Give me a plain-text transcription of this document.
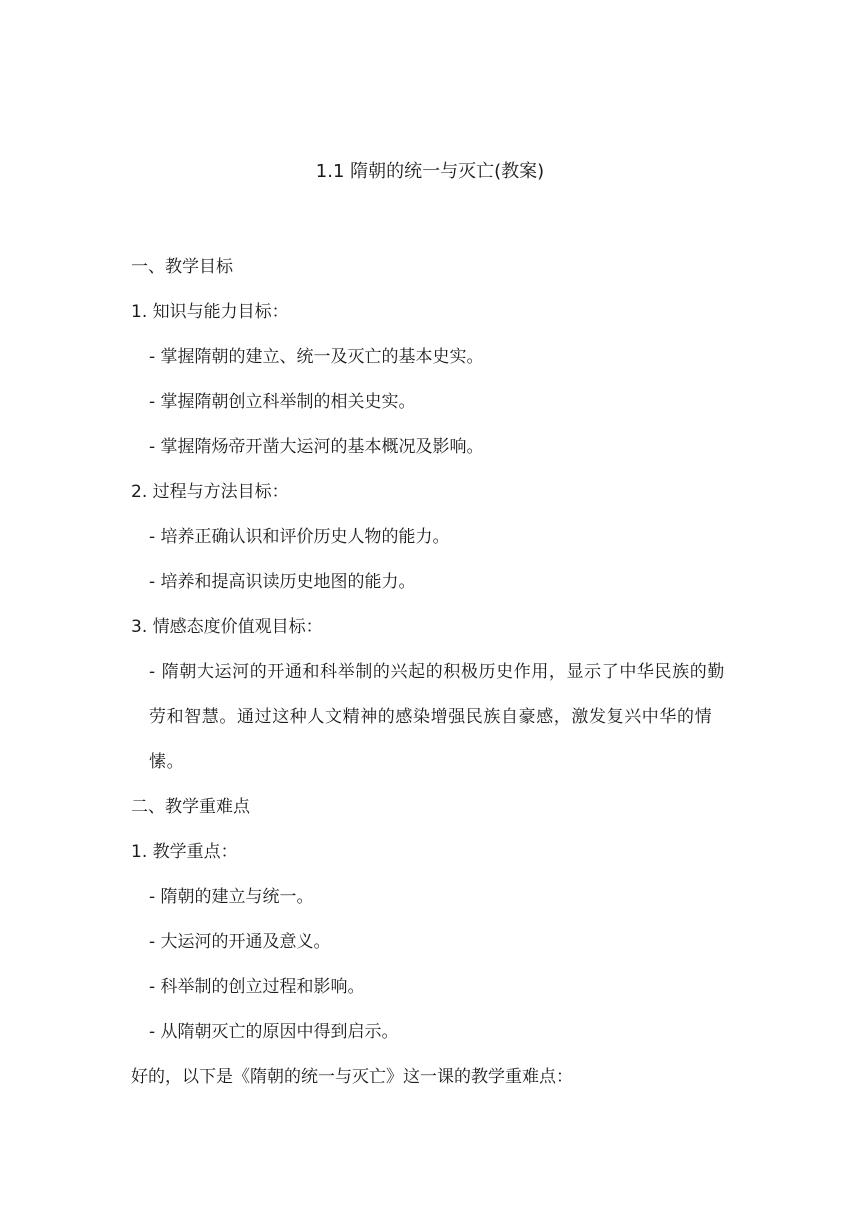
1.1 隋朝的统一与灭亡(教案)
一、教学目标
1. 知识与能力目标：
- 掌握隋朝的建立、统一及灭亡的基本史实。
- 掌握隋朝创立科举制的相关史实。
- 掌握隋炀帝开凿大运河的基本概况及影响。
2. 过程与方法目标：
- 培养正确认识和评价历史人物的能力。
- 培养和提高识读历史地图的能力。
3. 情感态度价值观目标：
- 隋朝大运河的开通和科举制的兴起的积极历史作用，显示了中华民族的勤劳和智慧。通过这种人文精神的感染增强民族自豪感，激发复兴中华的情愫。
二、教学重难点
1. 教学重点：
- 隋朝的建立与统一。
- 大运河的开通及意义。
- 科举制的创立过程和影响。
- 从隋朝灭亡的原因中得到启示。
好的，以下是《隋朝的统一与灭亡》这一课的教学重难点：
